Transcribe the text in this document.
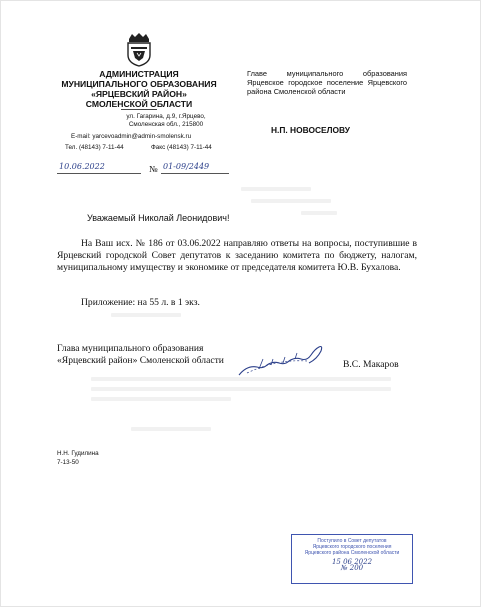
АДМИНИСТРАЦИЯ
МУНИЦИПАЛЬНОГО ОБРАЗОВАНИЯ
«ЯРЦЕВСКИЙ РАЙОН»
СМОЛЕНСКОЙ ОБЛАСТИ
ул. Гагарина, д.9, г.Ярцево,
Смоленская обл., 215800
E-mail: yarcevoadmin@admin-smolensk.ru
Тел. (48143) 7-11-44	Факс (48143) 7-11-44
10.06.2022	№ 01-09/2449
Главе муниципального образования Ярцевское городское поселение Ярцевского района Смоленской области
Н.П. НОВОСЕЛОВУ
Уважаемый Николай Леонидович!
На Ваш исх. № 186 от 03.06.2022 направляю ответы на вопросы, поступившие в Ярцевский городской Совет депутатов к заседанию комитета по бюджету, налогам, муниципальному имуществу и экономике от председателя комитета Ю.В. Бухалова.
Приложение: на 55 л. в 1 экз.
Глава муниципального образования
«Ярцевский район» Смоленской области	В.С. Макаров
Н.Н. Гудилина
7-13-50
Поступило в Совет депутатов
Ярцевского городского поселения
Ярцевского района Смоленской области
15 06 2022
№ 200
